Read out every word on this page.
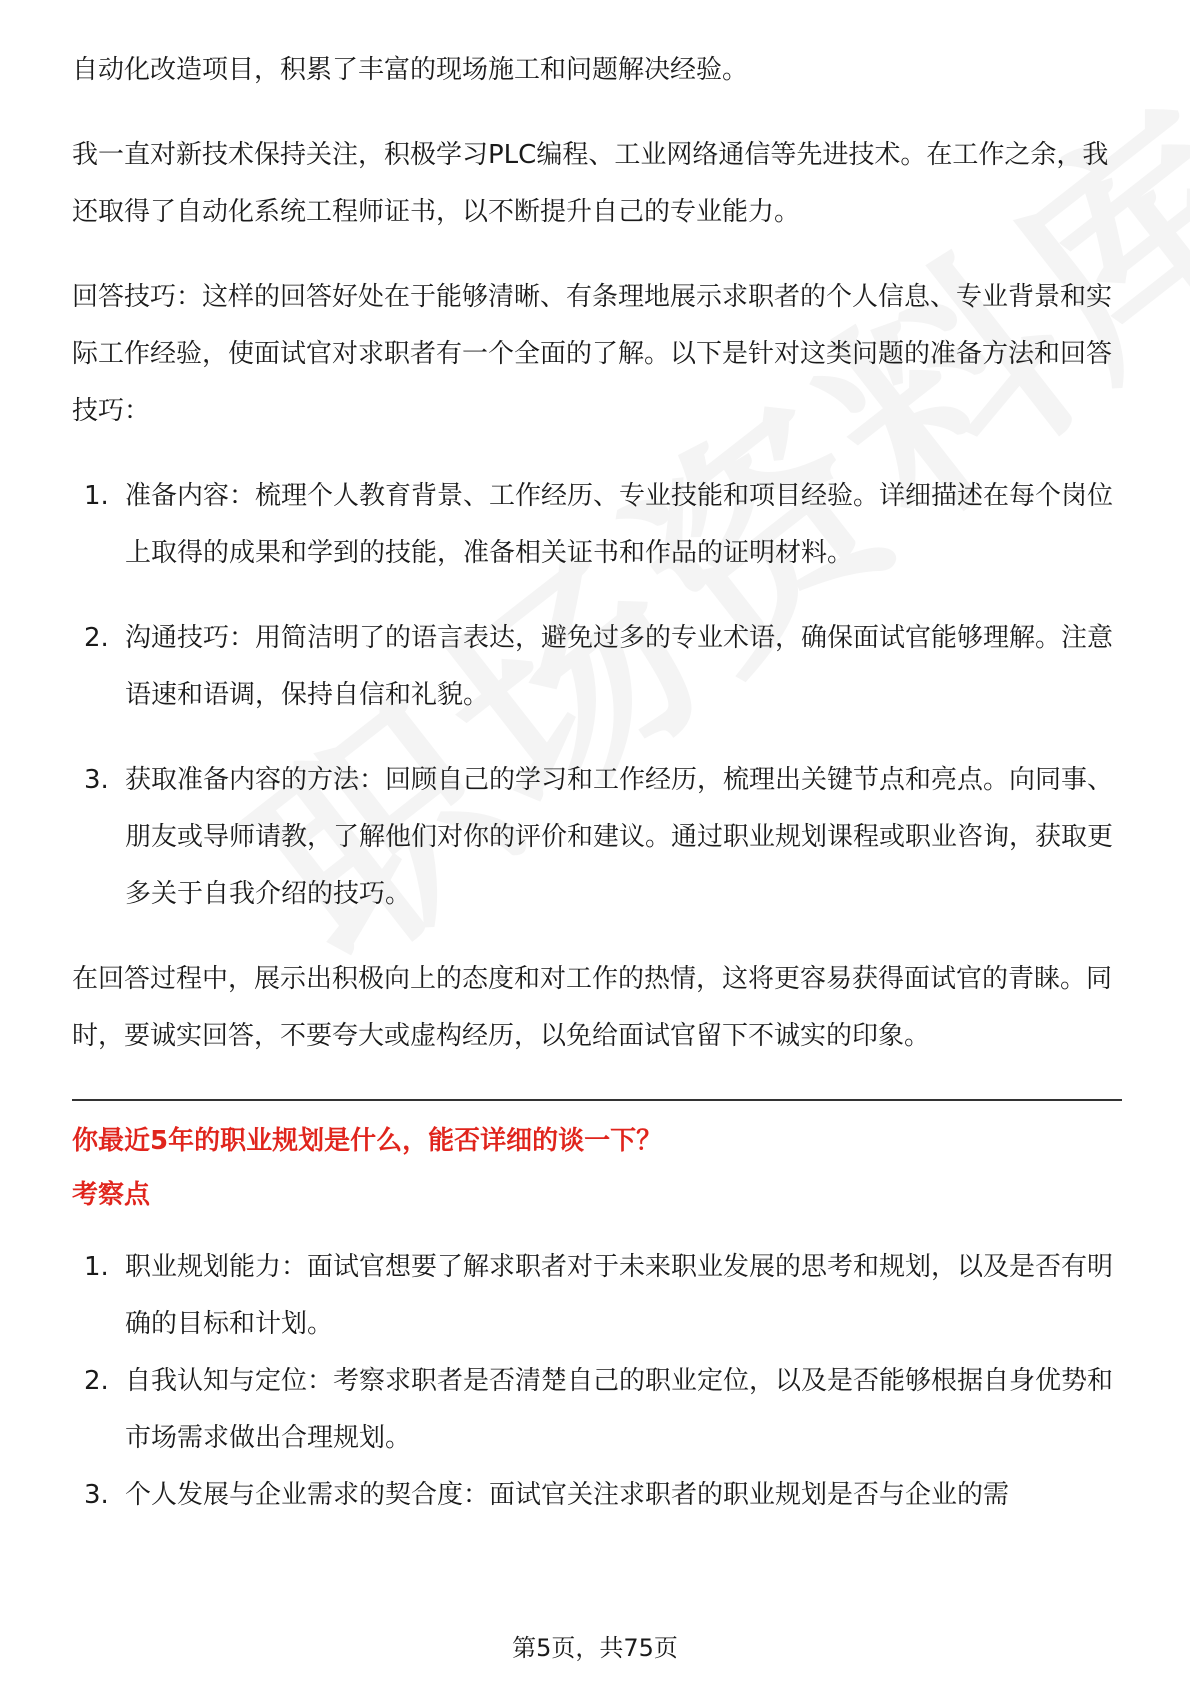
自动化改造项目，积累了丰富的现场施工和问题解决经验。

我一直对新技术保持关注，积极学习PLC编程、工业网络通信等先进技术。在工作之余，我还取得了自动化系统工程师证书，以不断提升自己的专业能力。

回答技巧：这样的回答好处在于能够清晰、有条理地展示求职者的个人信息、专业背景和实际工作经验，使面试官对求职者有一个全面的了解。以下是针对这类问题的准备方法和回答技巧：

1. 准备内容：梳理个人教育背景、工作经历、专业技能和项目经验。详细描述在每个岗位上取得的成果和学到的技能，准备相关证书和作品的证明材料。
2. 沟通技巧：用简洁明了的语言表达，避免过多的专业术语，确保面试官能够理解。注意语速和语调，保持自信和礼貌。
3. 获取准备内容的方法：回顾自己的学习和工作经历，梳理出关键节点和亮点。向同事、朋友或导师请教，了解他们对你的评价和建议。通过职业规划课程或职业咨询，获取更多关于自我介绍的技巧。

在回答过程中，展示出积极向上的态度和对工作的热情，这将更容易获得面试官的青睐。同时，要诚实回答，不要夸大或虚构经历，以免给面试官留下不诚实的印象。

你最近5年的职业规划是什么，能否详细的谈一下？
考察点
1. 职业规划能力：面试官想要了解求职者对于未来职业发展的思考和规划，以及是否有明确的目标和计划。
2. 自我认知与定位：考察求职者是否清楚自己的职业定位，以及是否能够根据自身优势和市场需求做出合理规划。
3. 个人发展与企业需求的契合度：面试官关注求职者的职业规划是否与企业的需
第5页，共75页
